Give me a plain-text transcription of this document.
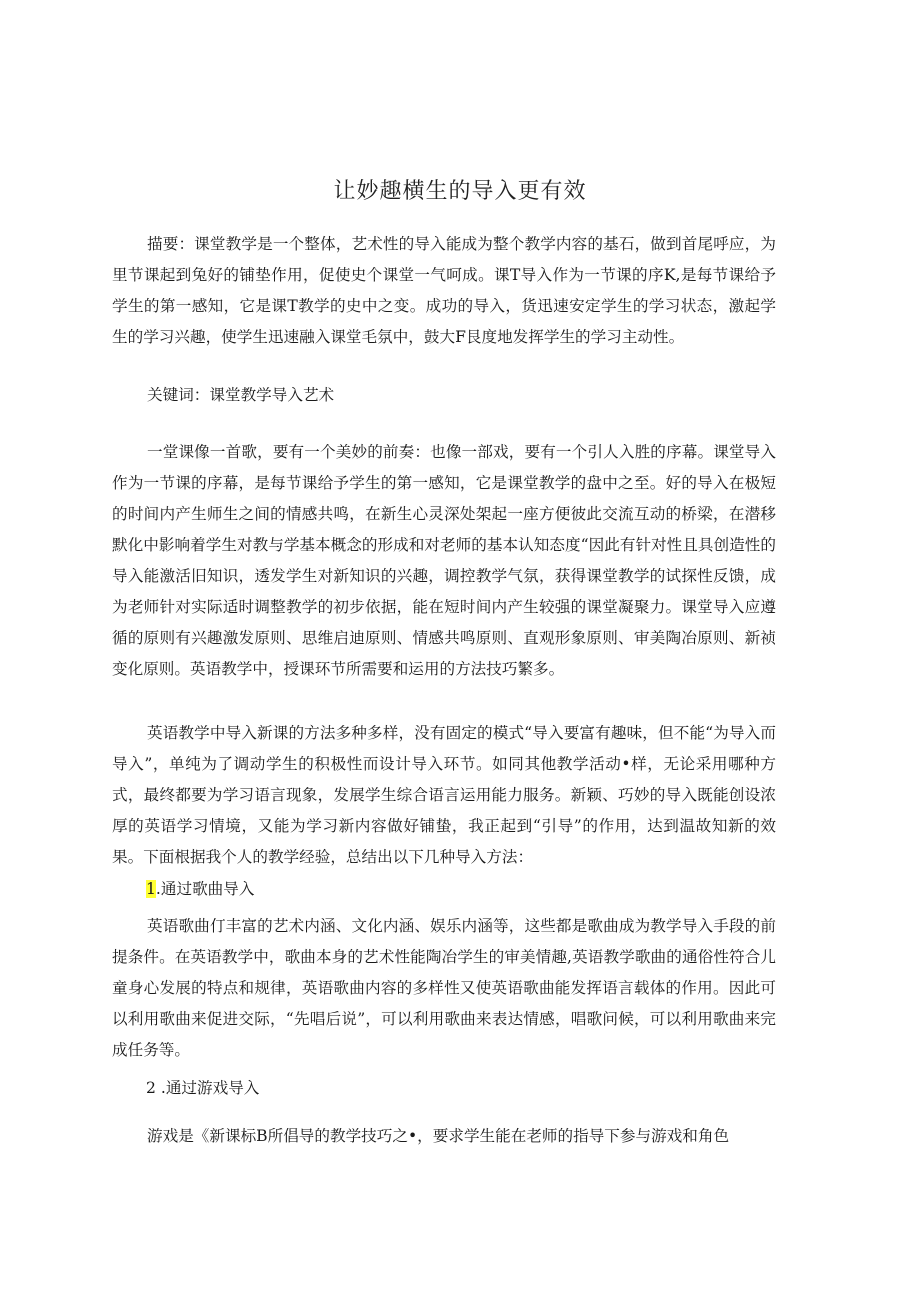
让妙趣横生的导入更有效

描要：课堂教学是一个整体，艺术性的导入能成为整个教学内容的基石，做到首尾呼应，为里节课起到兔好的铺垫作用，促使史个课堂一气呵成。课T导入作为一节课的序K,是每节课给予学生的第一感知，它是课T教学的史中之变。成功的导入，货迅速安定学生的学习状态，激起学生的学习兴趣，使学生迅速融入课堂毛氛中，鼓大F艮度地发挥学生的学习主动性。

关键词：课堂教学导入艺术

一堂课像一首歌，要有一个美妙的前奏：也像一部戏，要有一个引人入胜的序幕。课堂导入作为一节课的序幕，是每节课给予学生的第一感知，它是课堂教学的盘中之至。好的导入在极短的时间内产生师生之间的情感共鸣，在新生心灵深处架起一座方便彼此交流互动的桥梁，在潜移默化中影响着学生对教与学基本概念的形成和对老师的基本认知态度“因此有针对性且具创造性的导入能激活旧知识，透发学生对新知识的兴趣，调控教学气氛，获得课堂教学的试探性反馈，成为老师针对实际适时调整教学的初步依据，能在短时间内产生较强的课堂凝聚力。课堂导入应遵循的原则有兴趣激发原则、思维启迪原则、情感共鸣原则、直观形象原则、审美陶冶原则、新祯变化原则。英语教学中，授课环节所需要和运用的方法技巧繁多。

英语教学中导入新课的方法多种多样，没有固定的模式“导入要富有趣味，但不能“为导入而导入”，单纯为了调动学生的积极性而设计导入环节。如同其他教学活动•样，无论采用哪种方式，最终都要为学习语言现象，发展学生综合语言运用能力服务。新颖、巧妙的导入既能创设浓厚的英语学习情境，又能为学习新内容做好铺蛰，我正起到“引导”的作用，达到温故知新的效果。下面根据我个人的教学经验，总结出以下几种导入方法：

1.通过歌曲导入

英语歌曲仃丰富的艺术内涵、文化内涵、娱乐内涵等，这些都是歌曲成为教学导入手段的前提条件。在英语教学中，歌曲本身的艺术性能陶冶学生的审美情趣,英语教学歌曲的通俗性符合儿童身心发展的特点和规律，英语歌曲内容的多样性又使英语歌曲能发挥语言载体的作用。因此可以利用歌曲来促进交际，“先唱后说”，可以利用歌曲来表达情感，唱歌问候，可以利用歌曲来完成任务等。

2 .通过游戏导入

游戏是《新课标B所倡导的教学技巧之•，要求学生能在老师的指导下参与游戏和角色
